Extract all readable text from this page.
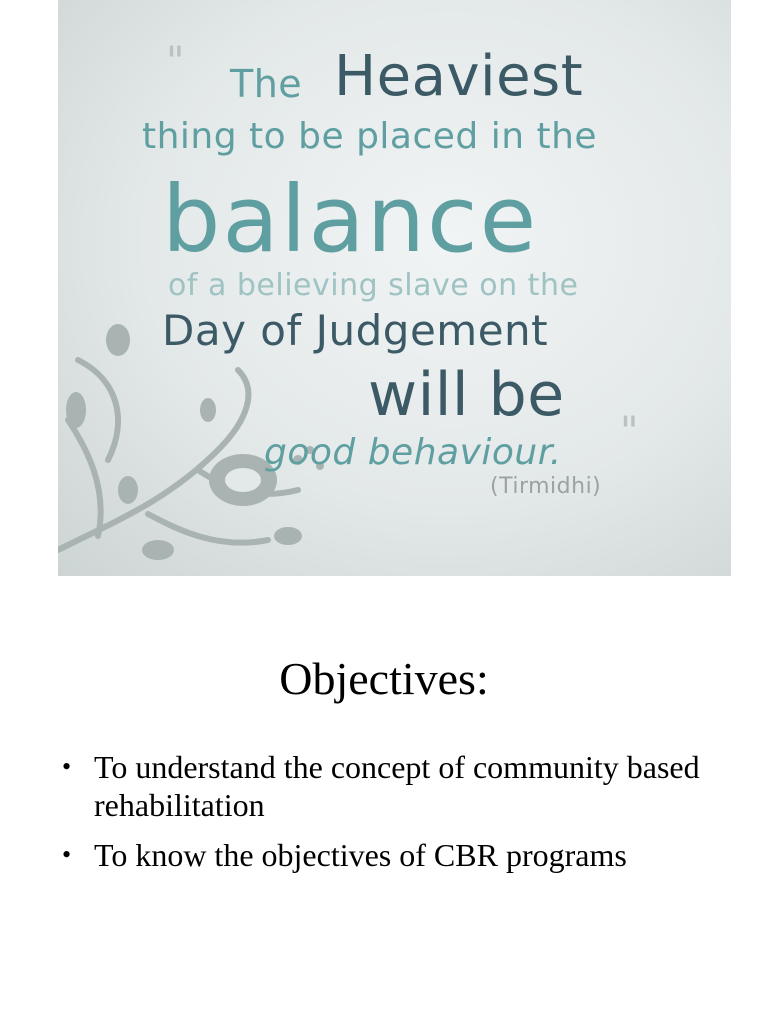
" The Heaviest
thing to be placed in the
balance
of a believing slave on the
Day of Judgement
will be
good behaviour. "
(Tirmidhi)
Objectives:
• To understand the concept of community based rehabilitation
• To know the objectives of CBR programs
